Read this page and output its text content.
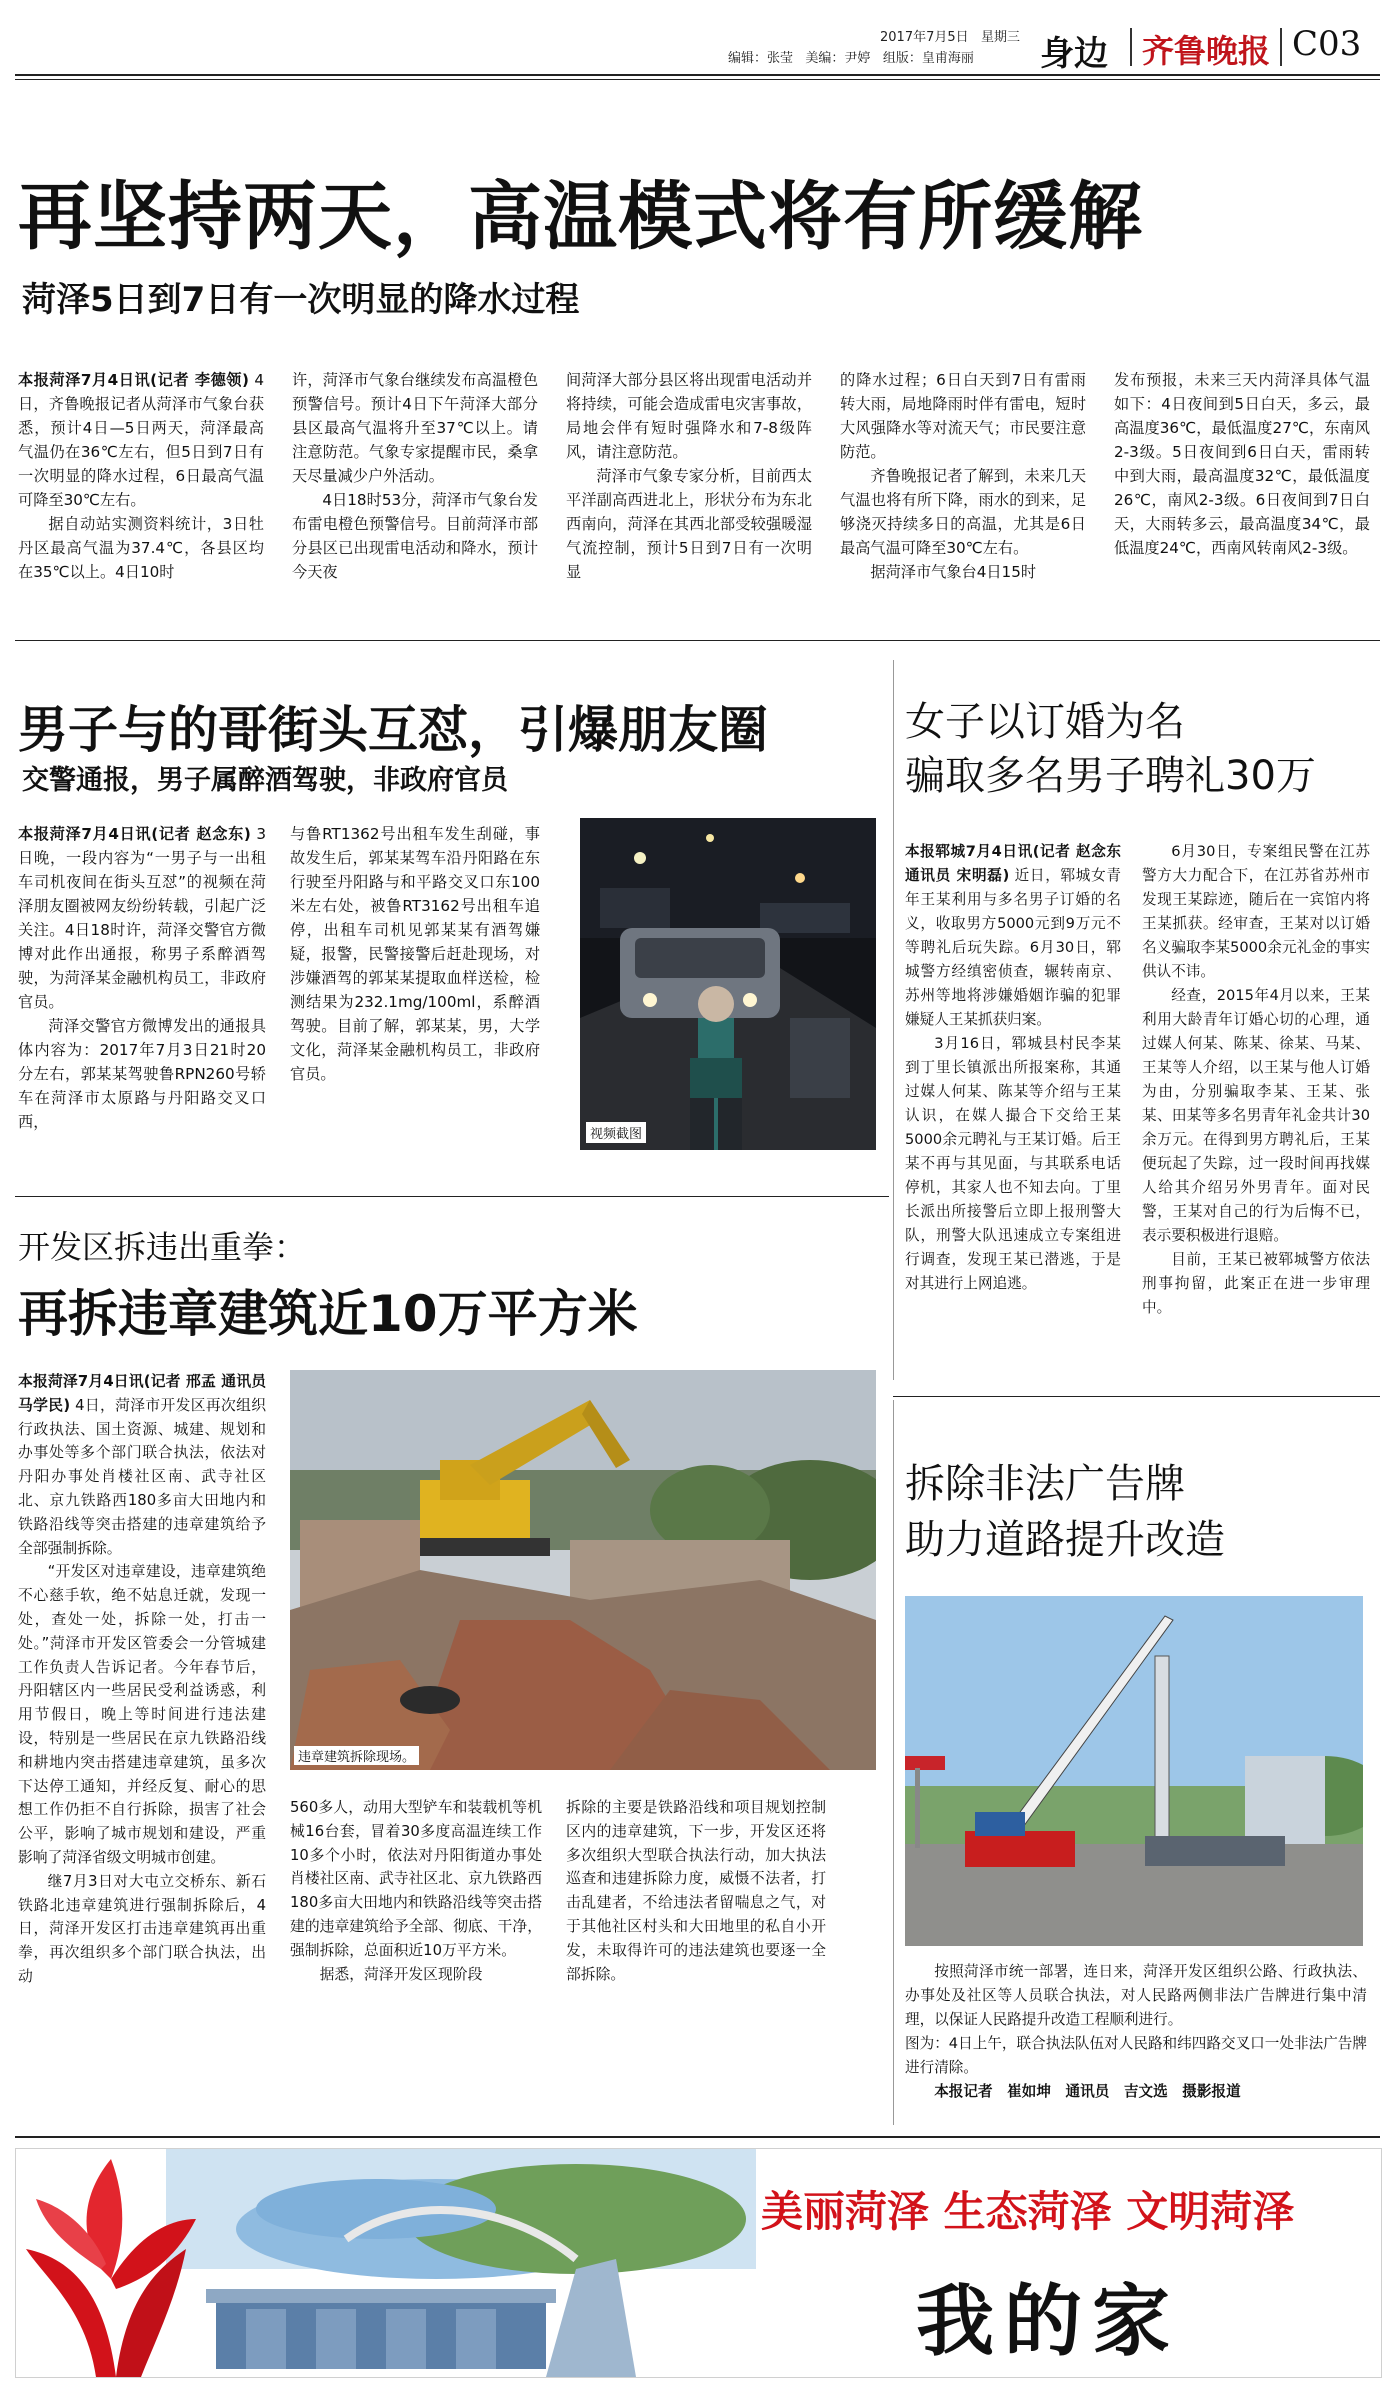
2017年7月5日 星期三
编辑：张莹 美编：尹婷 组版：皇甫海丽 身边 齐鲁晚报 C03
再坚持两天，高温模式将有所缓解
菏泽5日到7日有一次明显的降水过程

本报菏泽7月4日讯(记者 李德领) 4日，齐鲁晚报记者从菏泽市气象台获悉，预计4日—5日两天，菏泽最高气温仍在36℃左右，但5日到7日有一次明显的降水过程，6日最高气温可降至30℃左右。

据自动站实测资料统计，3日牡丹区最高气温为37.4℃，各县区均在35℃以上。4日10时

许，菏泽市气象台继续发布高温橙色预警信号。预计4日下午菏泽大部分县区最高气温将升至37℃以上。请注意防范。气象专家提醒市民，桑拿天尽量减少户外活动。

4日18时53分，菏泽市气象台发布雷电橙色预警信号。目前菏泽市部分县区已出现雷电活动和降水，预计今天夜

间菏泽大部分县区将出现雷电活动并将持续，可能会造成雷电灾害事故，局地会伴有短时强降水和7-8级阵风，请注意防范。

菏泽市气象专家分析，目前西太平洋副高西进北上，形状分布为东北西南向，菏泽在其西北部受较强暖湿气流控制，预计5日到7日有一次明显

的降水过程；6日白天到7日有雷雨转大雨，局地降雨时伴有雷电，短时大风强降水等对流天气；市民要注意防范。

齐鲁晚报记者了解到，未来几天气温也将有所下降，雨水的到来，足够浇灭持续多日的高温，尤其是6日最高气温可降至30℃左右。

据菏泽市气象台4日15时

发布预报，未来三天内菏泽具体气温如下：4日夜间到5日白天，多云，最高温度36℃，最低温度27℃，东南风2-3级。5日夜间到6日白天，雷雨转中到大雨，最高温度32℃，最低温度26℃，南风2-3级。6日夜间到7日白天，大雨转多云，最高温度34℃，最低温度24℃，西南风转南风2-3级。

男子与的哥街头互怼，引爆朋友圈
交警通报，男子属醉酒驾驶，非政府官员

本报菏泽7月4日讯(记者 赵念东) 3日晚，一段内容为“一男子与一出租车司机夜间在街头互怼”的视频在菏泽朋友圈被网友纷纷转载，引起广泛关注。4日18时许，菏泽交警官方微博对此作出通报，称男子系醉酒驾驶，为菏泽某金融机构员工，非政府官员。

菏泽交警官方微博发出的通报具体内容为：2017年7月3日21时20分左右，郭某某驾驶鲁RPN260号轿车在菏泽市太原路与丹阳路交叉口西，

与鲁RT1362号出租车发生刮碰，事故发生后，郭某某驾车沿丹阳路在东行驶至丹阳路与和平路交叉口东100米左右处，被鲁RT3162号出租车追停，出租车司机见郭某某有酒驾嫌疑，报警，民警接警后赶赴现场，对涉嫌酒驾的郭某某提取血样送检，检测结果为232.1mg/100ml，系醉酒驾驶。目前了解，郭某某，男，大学文化，菏泽某金融机构员工，非政府官员。

视频截图
女子以订婚为名
骗取多名男子聘礼30万

本报郓城7月4日讯(记者 赵念东 通讯员 宋明磊) 近日，郓城女青年王某利用与多名男子订婚的名义，收取男方5000元到9万元不等聘礼后玩失踪。6月30日，郓城警方经缜密侦查，辗转南京、苏州等地将涉嫌婚姻诈骗的犯罪嫌疑人王某抓获归案。

3月16日，郓城县村民李某到丁里长镇派出所报案称，其通过媒人何某、陈某等介绍与王某认识，在媒人撮合下交给王某5000余元聘礼与王某订婚。后王某不再与其见面，与其联系电话停机，其家人也不知去向。丁里长派出所接警后立即上报刑警大队，刑警大队迅速成立专案组进行调查，发现王某已潜逃，于是对其进行上网追逃。

6月30日，专案组民警在江苏警方大力配合下，在江苏省苏州市发现王某踪迹，随后在一宾馆内将王某抓获。经审查，王某对以订婚名义骗取李某5000余元礼金的事实供认不讳。

经查，2015年4月以来，王某利用大龄青年订婚心切的心理，通过媒人何某、陈某、徐某、马某、王某等人介绍，以王某与他人订婚为由，分别骗取李某、王某、张某、田某等多名男青年礼金共计30余万元。在得到男方聘礼后，王某便玩起了失踪，过一段时间再找媒人给其介绍另外男青年。面对民警，王某对自己的行为后悔不已，表示要积极进行退赔。

目前，王某已被郓城警方依法刑事拘留，此案正在进一步审理中。

开发区拆违出重拳：
再拆违章建筑近10万平方米

本报菏泽7月4日讯(记者 邢孟 通讯员 马学民) 4日，菏泽市开发区再次组织行政执法、国土资源、城建、规划和办事处等多个部门联合执法，依法对丹阳办事处肖楼社区南、武寺社区北、京九铁路西180多亩大田地内和铁路沿线等突击搭建的违章建筑给予全部强制拆除。

“开发区对违章建设，违章建筑绝不心慈手软，绝不姑息迁就，发现一处，查处一处，拆除一处，打击一处。”菏泽市开发区管委会一分管城建工作负责人告诉记者。今年春节后，丹阳辖区内一些居民受利益诱惑，利用节假日，晚上等时间进行违法建设，特别是一些居民在京九铁路沿线和耕地内突击搭建违章建筑，虽多次下达停工通知，并经反复、耐心的思想工作仍拒不自行拆除，损害了社会公平，影响了城市规划和建设，严重影响了菏泽省级文明城市创建。

继7月3日对大屯立交桥东、新石铁路北违章建筑进行强制拆除后，4日，菏泽开发区打击违章建筑再出重拳，再次组织多个部门联合执法，出动

违章建筑拆除现场。

560多人，动用大型铲车和装载机等机械16台套，冒着30多度高温连续工作10多个小时，依法对丹阳街道办事处肖楼社区南、武寺社区北、京九铁路西180多亩大田地内和铁路沿线等突击搭建的违章建筑给予全部、彻底、干净，强制拆除，总面积近10万平方米。

据悉，菏泽开发区现阶段

拆除的主要是铁路沿线和项目规划控制区内的违章建筑，下一步，开发区还将多次组织大型联合执法行动，加大执法巡查和违建拆除力度，威慑不法者，打击乱建者，不给违法者留喘息之气，对于其他社区村头和大田地里的私自小开发，未取得许可的违法建筑也要逐一全部拆除。

拆除非法广告牌
助力道路提升改造

按照菏泽市统一部署，连日来，菏泽开发区组织公路、行政执法、办事处及社区等人员联合执法，对人民路两侧非法广告牌进行集中清理，以保证人民路提升改造工程顺利进行。

图为：4日上午，联合执法队伍对人民路和纬四路交叉口一处非法广告牌进行清除。

本报记者　崔如坤　通讯员　吉文选　摄影报道

美丽菏泽 生态菏泽 文明菏泽
我的家
